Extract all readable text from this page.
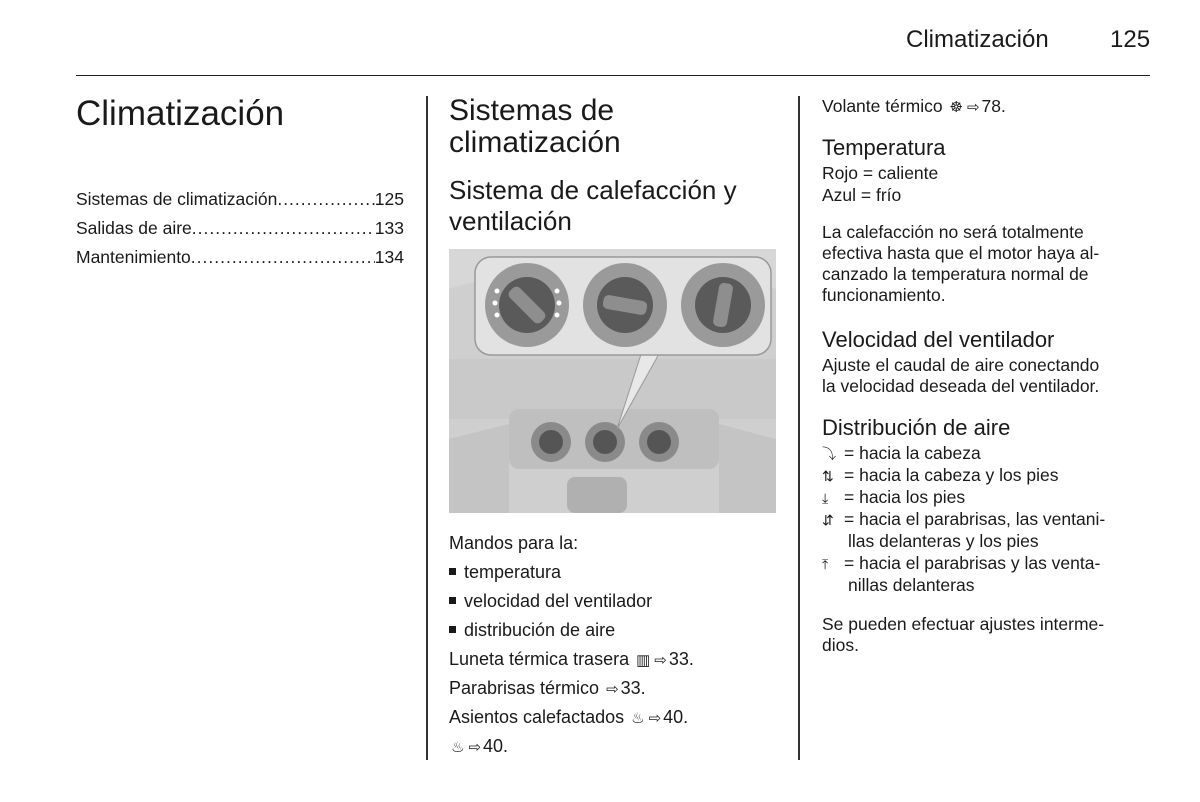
Climatización	125
Climatización
Sistemas de climatización .....	125
Salidas de aire .....	133
Mantenimiento .....	134
Sistemas de
climatización
Sistema de calefacción y
ventilación
Mandos para la:
temperatura
velocidad del ventilador
distribución de aire
Luneta térmica trasera ▥ ⇨ 33.
Parabrisas térmico ⇨ 33.
Asientos calefactados ♨ ⇨ 40.
♨ ⇨ 40.
Volante térmico ☸ ⇨ 78.
Temperatura
Rojo = caliente
Azul = frío
La calefacción no será totalmente
efectiva hasta que el motor haya al-
canzado la temperatura normal de
funcionamiento.
Velocidad del ventilador
Ajuste el caudal de aire conectando
la velocidad deseada del ventilador.
Distribución de aire
⤵ = hacia la cabeza
⇅ = hacia la cabeza y los pies
⤓ = hacia los pies
⇵ = hacia el parabrisas, las ventani-
llas delanteras y los pies
⤒ = hacia el parabrisas y las venta-
nillas delanteras
Se pueden efectuar ajustes interme-
dios.
